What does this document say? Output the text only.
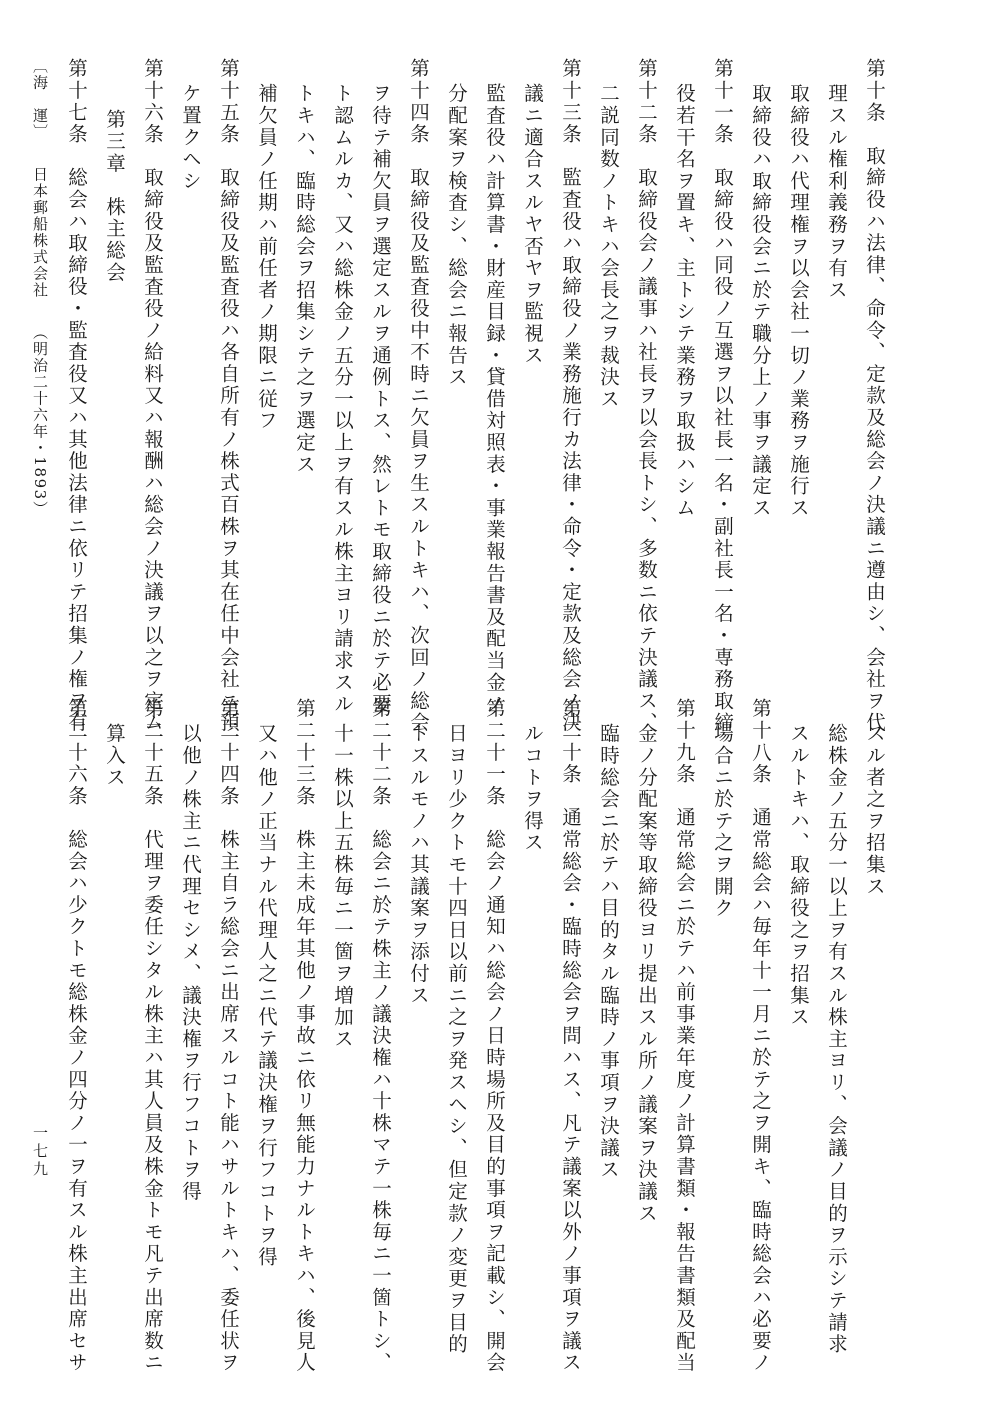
第十条　取締役ハ法律、命令、定款及総会ノ決議ニ遵由シ、会社ヲ代
理スル権利義務ヲ有ス
取締役ハ代理権ヲ以会社一切ノ業務ヲ施行ス
取締役ハ取締役会ニ於テ職分上ノ事ヲ議定ス
第十一条　取締役ハ同役ノ互選ヲ以社長一名・副社長一名・専務取締
役若干名ヲ置キ、主トシテ業務ヲ取扱ハシム
第十二条　取締役会ノ議事ハ社長ヲ以会長トシ、多数ニ依テ決議ス、
二説同数ノトキハ会長之ヲ裁決ス
第十三条　監査役ハ取締役ノ業務施行カ法律・命令・定款及総会ノ決
議ニ適合スルヤ否ヤヲ監視ス
監査役ハ計算書・財産目録・貸借対照表・事業報告書及配当金ノ
分配案ヲ検査シ、総会ニ報告ス
第十四条　取締役及監査役中不時ニ欠員ヲ生スルトキハ、次回ノ総会
ヲ待テ補欠員ヲ選定スルヲ通例トス、然レトモ取締役ニ於テ必要
ト認ムルカ、又ハ総株金ノ五分一以上ヲ有スル株主ヨリ請求スル
トキハ、臨時総会ヲ招集シテ之ヲ選定ス
補欠員ノ任期ハ前任者ノ期限ニ従フ
第十五条　取締役及監査役ハ各自所有ノ株式百株ヲ其在任中会社ニ預
ケ置クヘシ
第十六条　取締役及監査役ノ給料又ハ報酬ハ総会ノ決議ヲ以之ヲ定ム
第三章　株主総会
第十七条　総会ハ取締役・監査役又ハ其他法律ニ依リテ招集ノ権ヲ有
スル者之ヲ招集ス
総株金ノ五分一以上ヲ有スル株主ヨリ、会議ノ目的ヲ示シテ請求
スルトキハ、取締役之ヲ招集ス
第十八条　通常総会ハ毎年十一月ニ於テ之ヲ開キ、臨時総会ハ必要ノ
場合ニ於テ之ヲ開ク
第十九条　通常総会ニ於テハ前事業年度ノ計算書類・報告書類及配当
金ノ分配案等取締役ヨリ提出スル所ノ議案ヲ決議ス
臨時総会ニ於テハ目的タル臨時ノ事項ヲ決議ス
第二十条　通常総会・臨時総会ヲ問ハス、凡テ議案以外ノ事項ヲ議ス
ルコトヲ得ス
第二十一条　総会ノ通知ハ総会ノ日時場所及目的事項ヲ記載シ、開会
日ヨリ少クトモ十四日以前ニ之ヲ発スヘシ、但定款ノ変更ヲ目的
トスルモノハ其議案ヲ添付ス
第二十二条　総会ニ於テ株主ノ議決権ハ十株マテ一株毎ニ一箇トシ、
十一株以上五株毎ニ一箇ヲ増加ス
第二十三条　株主未成年其他ノ事故ニ依リ無能力ナルトキハ、後見人
又ハ他ノ正当ナル代理人之ニ代テ議決権ヲ行フコトヲ得
第二十四条　株主自ラ総会ニ出席スルコト能ハサルトキハ、委任状ヲ
以他ノ株主ニ代理セシメ、議決権ヲ行フコトヲ得
第二十五条　代理ヲ委任シタル株主ハ其人員及株金トモ凡テ出席数ニ
算入ス
第二十六条　総会ハ少クトモ総株金ノ四分ノ一ヲ有スル株主出席セサ
〔海　運〕日本郵船株式会社（明治二十六年・1893）
一七九
